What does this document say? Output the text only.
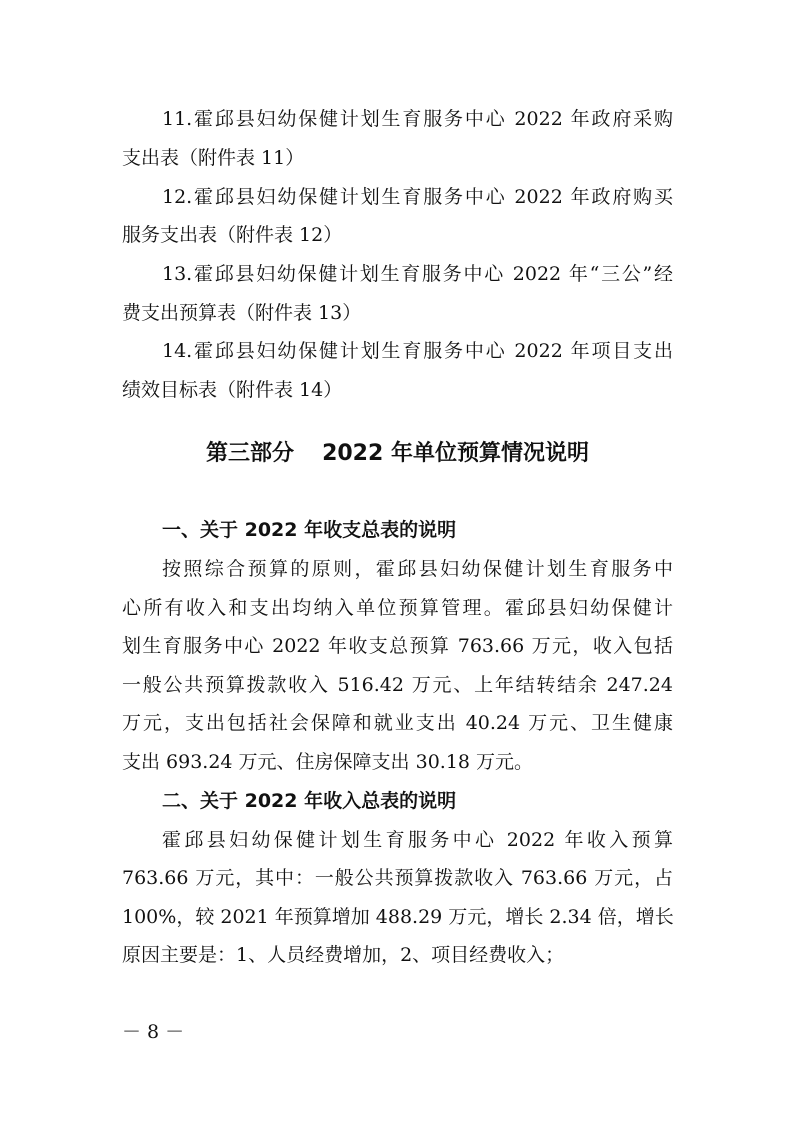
11.霍邱县妇幼保健计划生育服务中心 2022 年政府采购
支出表（附件表 11）
12.霍邱县妇幼保健计划生育服务中心 2022 年政府购买
服务支出表（附件表 12）
13.霍邱县妇幼保健计划生育服务中心 2022 年“三公”经
费支出预算表（附件表 13）
14.霍邱县妇幼保健计划生育服务中心 2022 年项目支出
绩效目标表（附件表 14）
第三部分 2022 年单位预算情况说明
一、关于 2022 年收支总表的说明
按照综合预算的原则，霍邱县妇幼保健计划生育服务中
心所有收入和支出均纳入单位预算管理。霍邱县妇幼保健计
划生育服务中心 2022 年收支总预算 763.66 万元，收入包括
一般公共预算拨款收入 516.42 万元、上年结转结余 247.24
万元，支出包括社会保障和就业支出 40.24 万元、卫生健康
支出 693.24 万元、住房保障支出 30.18 万元。
二、关于 2022 年收入总表的说明
霍邱县妇幼保健计划生育服务中心 2022 年收入预算
763.66 万元，其中：一般公共预算拨款收入 763.66 万元，占
100%，较 2021 年预算增加 488.29 万元，增长 2.34 倍，增长
原因主要是：1、人员经费增加，2、项目经费收入；
－ 8 －
